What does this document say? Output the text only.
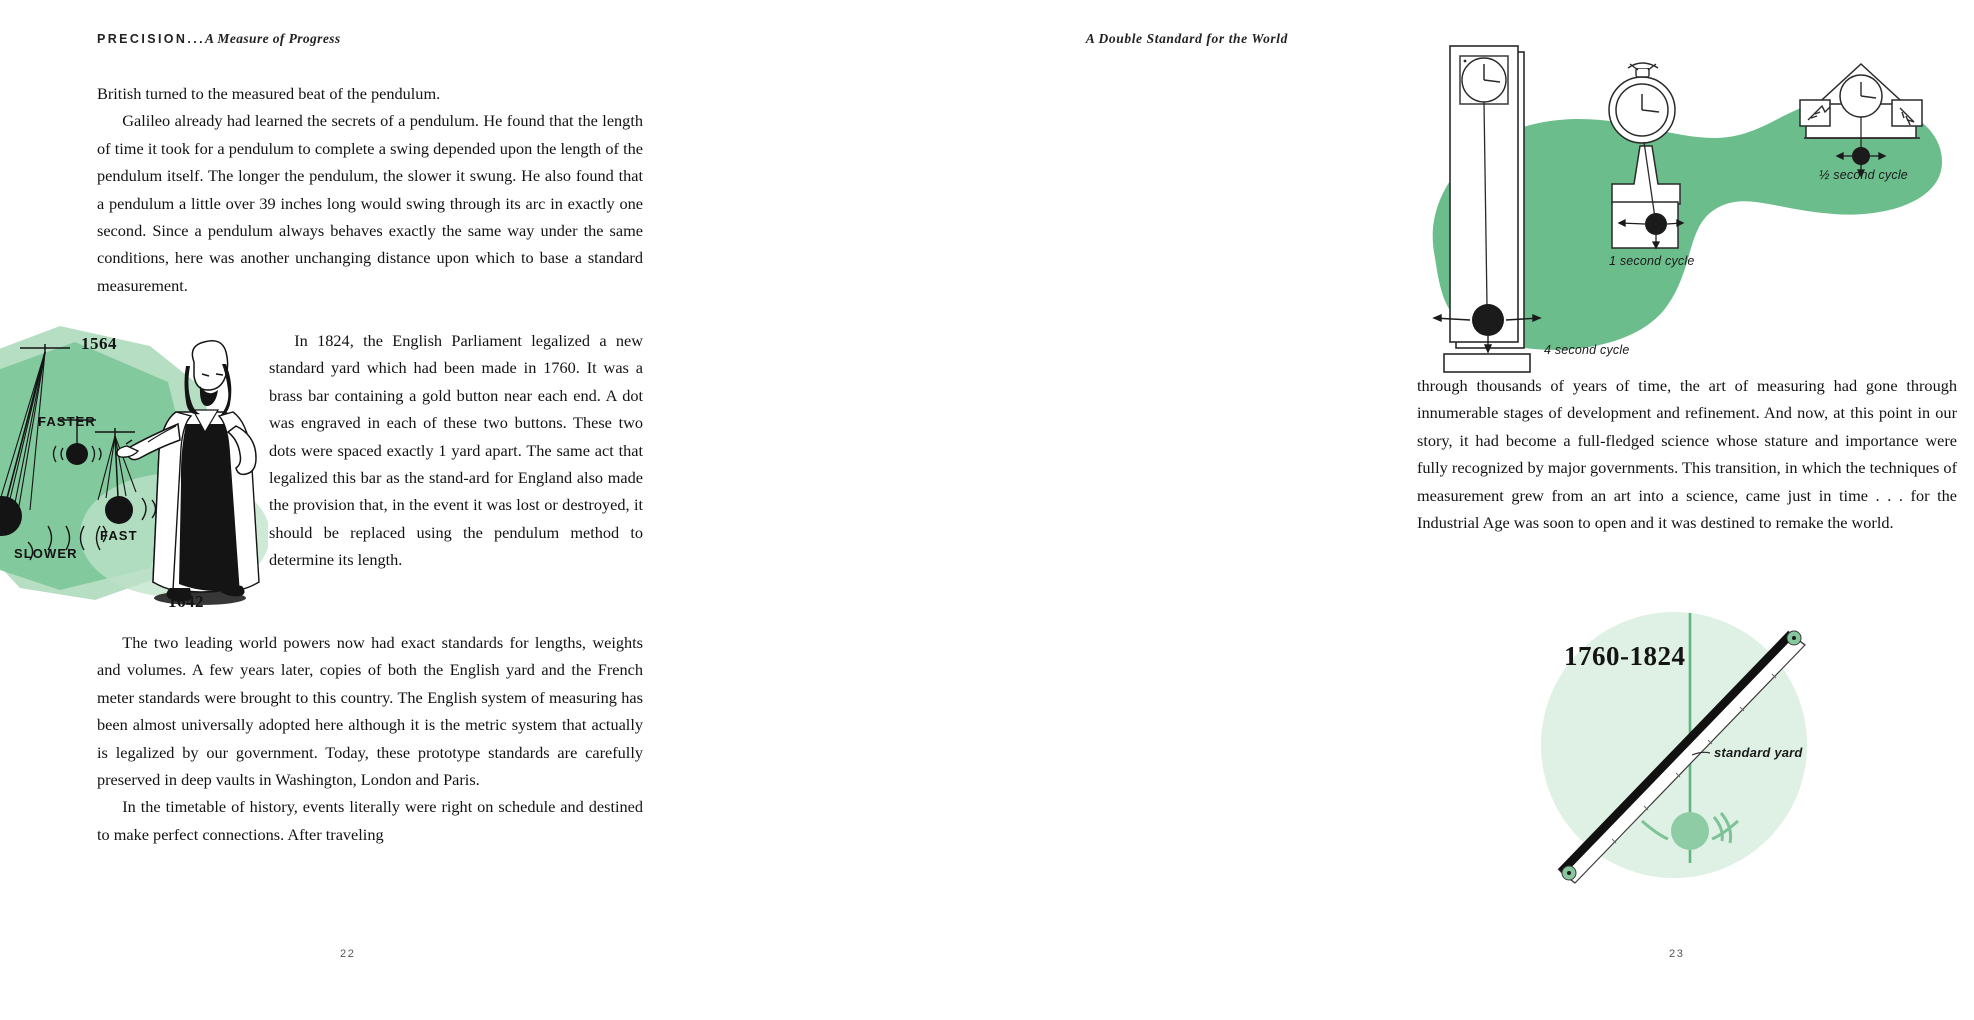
PRECISION...A Measure of Progress

British turned to the measured beat of the pendulum.

Galileo already had learned the secrets of a pendulum. He found that the length of time it took for a pendulum to complete a swing depended upon the length of the pendulum itself. The longer the pendulum, the slower it swung. He also found that a pendulum a little over 39 inches long would swing through its arc in exactly one second. Since a pendulum always behaves exactly the same way under the same conditions, here was another unchanging distance upon which to base a standard measurement.

1564
1642
FASTER
SLOWER
FAST

In 1824, the English Parliament legalized a new standard yard which had been made in 1760. It was a brass bar containing a gold button near each end. A dot was engraved in each of these two buttons. These two dots were spaced exactly 1 yard apart. The same act that legalized this bar as the stand-ard for England also made the provision that, in the event it was lost or destroyed, it should be replaced using the pendulum method to determine its length.

The two leading world powers now had exact standards for lengths, weights and volumes. A few years later, copies of both the English yard and the French meter standards were brought to this country. The English system of measuring has been almost universally adopted here although it is the metric system that actually is legalized by our government. Today, these prototype standards are carefully preserved in deep vaults in Washington, London and Paris.

In the timetable of history, events literally were right on schedule and destined to make perfect connections. After traveling

22
A Double Standard for the World
4 second cycle
1 second cycle
½ second cycle

through thousands of years of time, the art of measuring had gone through innumerable stages of development and refinement. And now, at this point in our story, it had become a full-fledged science whose stature and importance were fully recognized by major governments. This transition, in which the techniques of measurement grew from an art into a science, came just in time . . . for the Industrial Age was soon to open and it was destined to remake the world.

1760-1824
standard yard
23
